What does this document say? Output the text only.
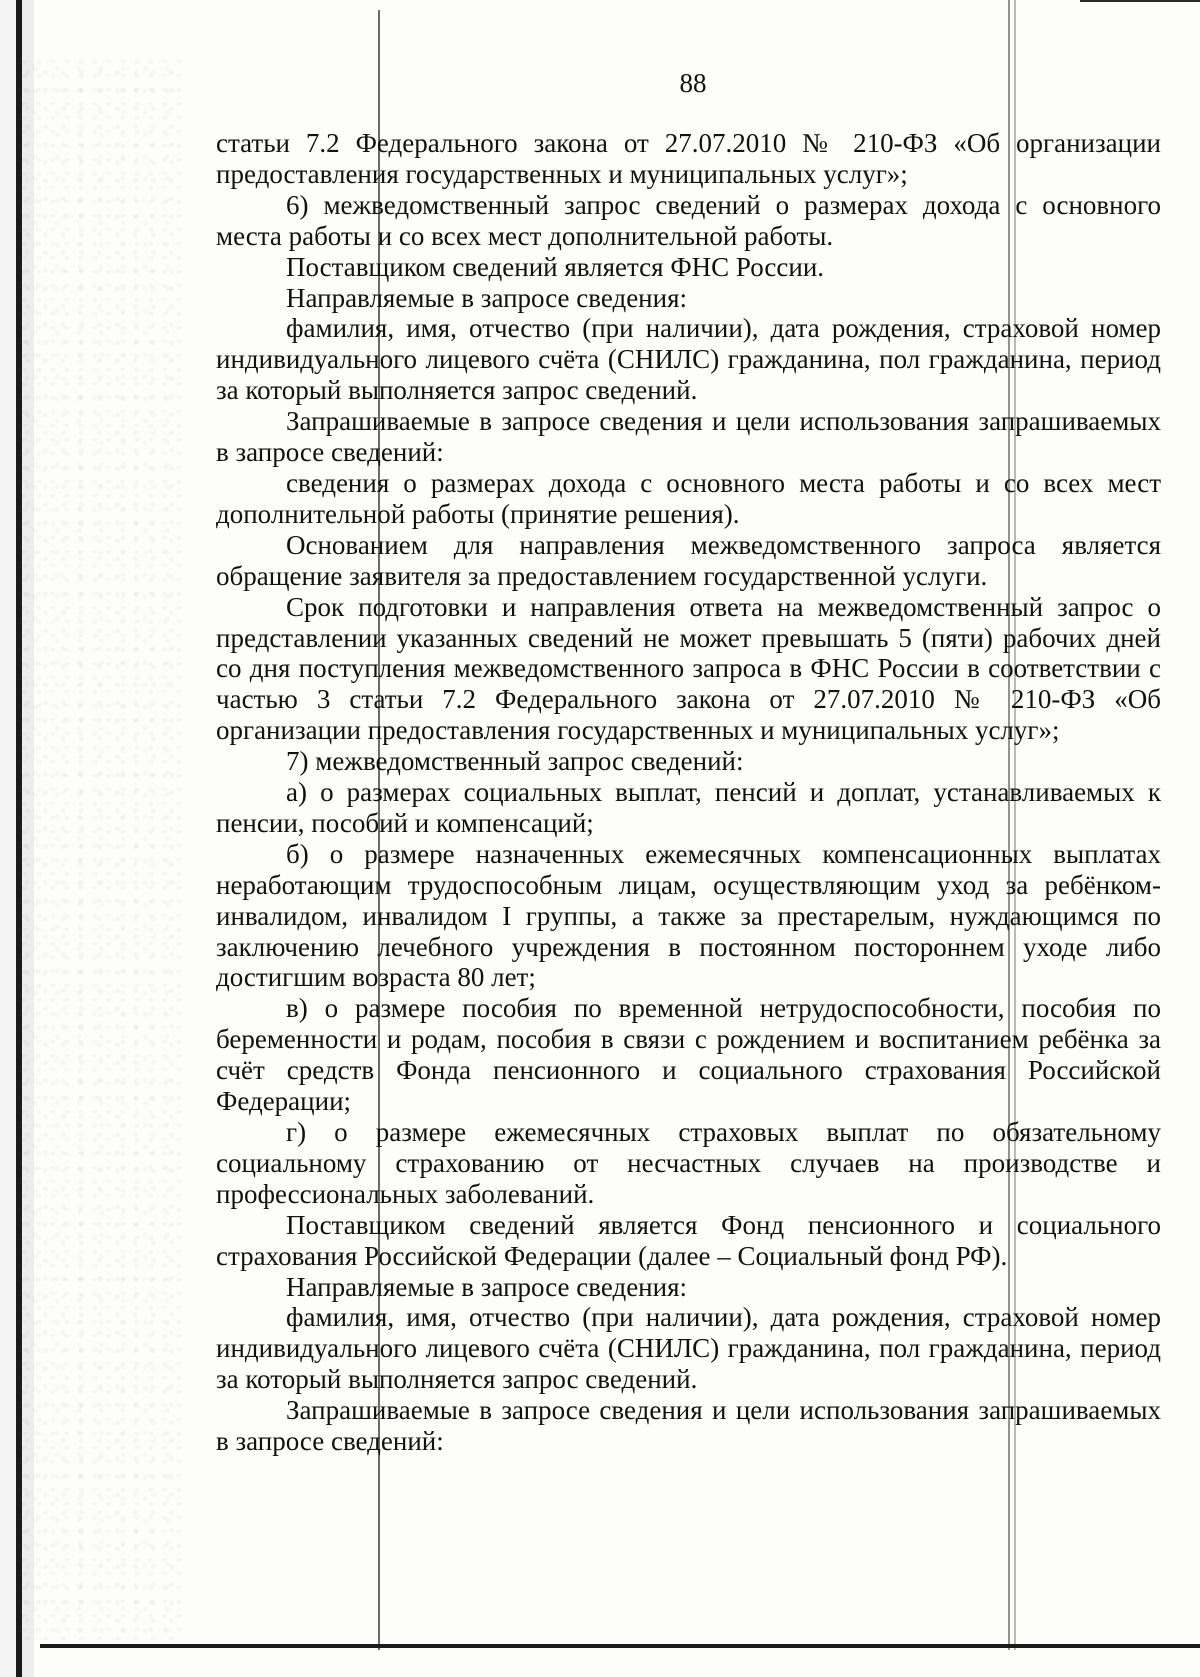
88

статьи 7.2 Федерального закона от 27.07.2010 № 210-ФЗ «Об организации предоставления государственных и муниципальных услуг»;

6) межведомственный запрос сведений о размерах дохода с основного места работы и со всех мест дополнительной работы.

Поставщиком сведений является ФНС России.

Направляемые в запросе сведения:

фамилия, имя, отчество (при наличии), дата рождения, страховой номер индивидуального лицевого счёта (СНИЛС) гражданина, пол гражданина, период за который выполняется запрос сведений.

Запрашиваемые в запросе сведения и цели использования запрашиваемых в запросе сведений:

сведения о размерах дохода с основного места работы и со всех мест дополнительной работы (принятие решения).

Основанием для направления межведомственного запроса является обращение заявителя за предоставлением государственной услуги.

Срок подготовки и направления ответа на межведомственный запрос о представлении указанных сведений не может превышать 5 (пяти) рабочих дней со дня поступления межведомственного запроса в ФНС России в соответствии с частью 3 статьи 7.2 Федерального закона от 27.07.2010 № 210-ФЗ «Об организации предоставления государственных и муниципальных услуг»;

7) межведомственный запрос сведений:

а) о размерах социальных выплат, пенсий и доплат, устанавливаемых к пенсии, пособий и компенсаций;

б) о размере назначенных ежемесячных компенсационных выплатах неработающим трудоспособным лицам, осуществляющим уход за ребёнком-инвалидом, инвалидом I группы, а также за престарелым, нуждающимся по заключению лечебного учреждения в постоянном постороннем уходе либо достигшим возраста 80 лет;

в) о размере пособия по временной нетрудоспособности, пособия по беременности и родам, пособия в связи с рождением и воспитанием ребёнка за счёт средств Фонда пенсионного и социального страхования Российской Федерации;

г) о размере ежемесячных страховых выплат по обязательному социальному страхованию от несчастных случаев на производстве и профессиональных заболеваний.

Поставщиком сведений является Фонд пенсионного и социального страхования Российской Федерации (далее – Социальный фонд РФ).

Направляемые в запросе сведения:

фамилия, имя, отчество (при наличии), дата рождения, страховой номер индивидуального лицевого счёта (СНИЛС) гражданина, пол гражданина, период за который выполняется запрос сведений.

Запрашиваемые в запросе сведения и цели использования запрашиваемых в запросе сведений:
